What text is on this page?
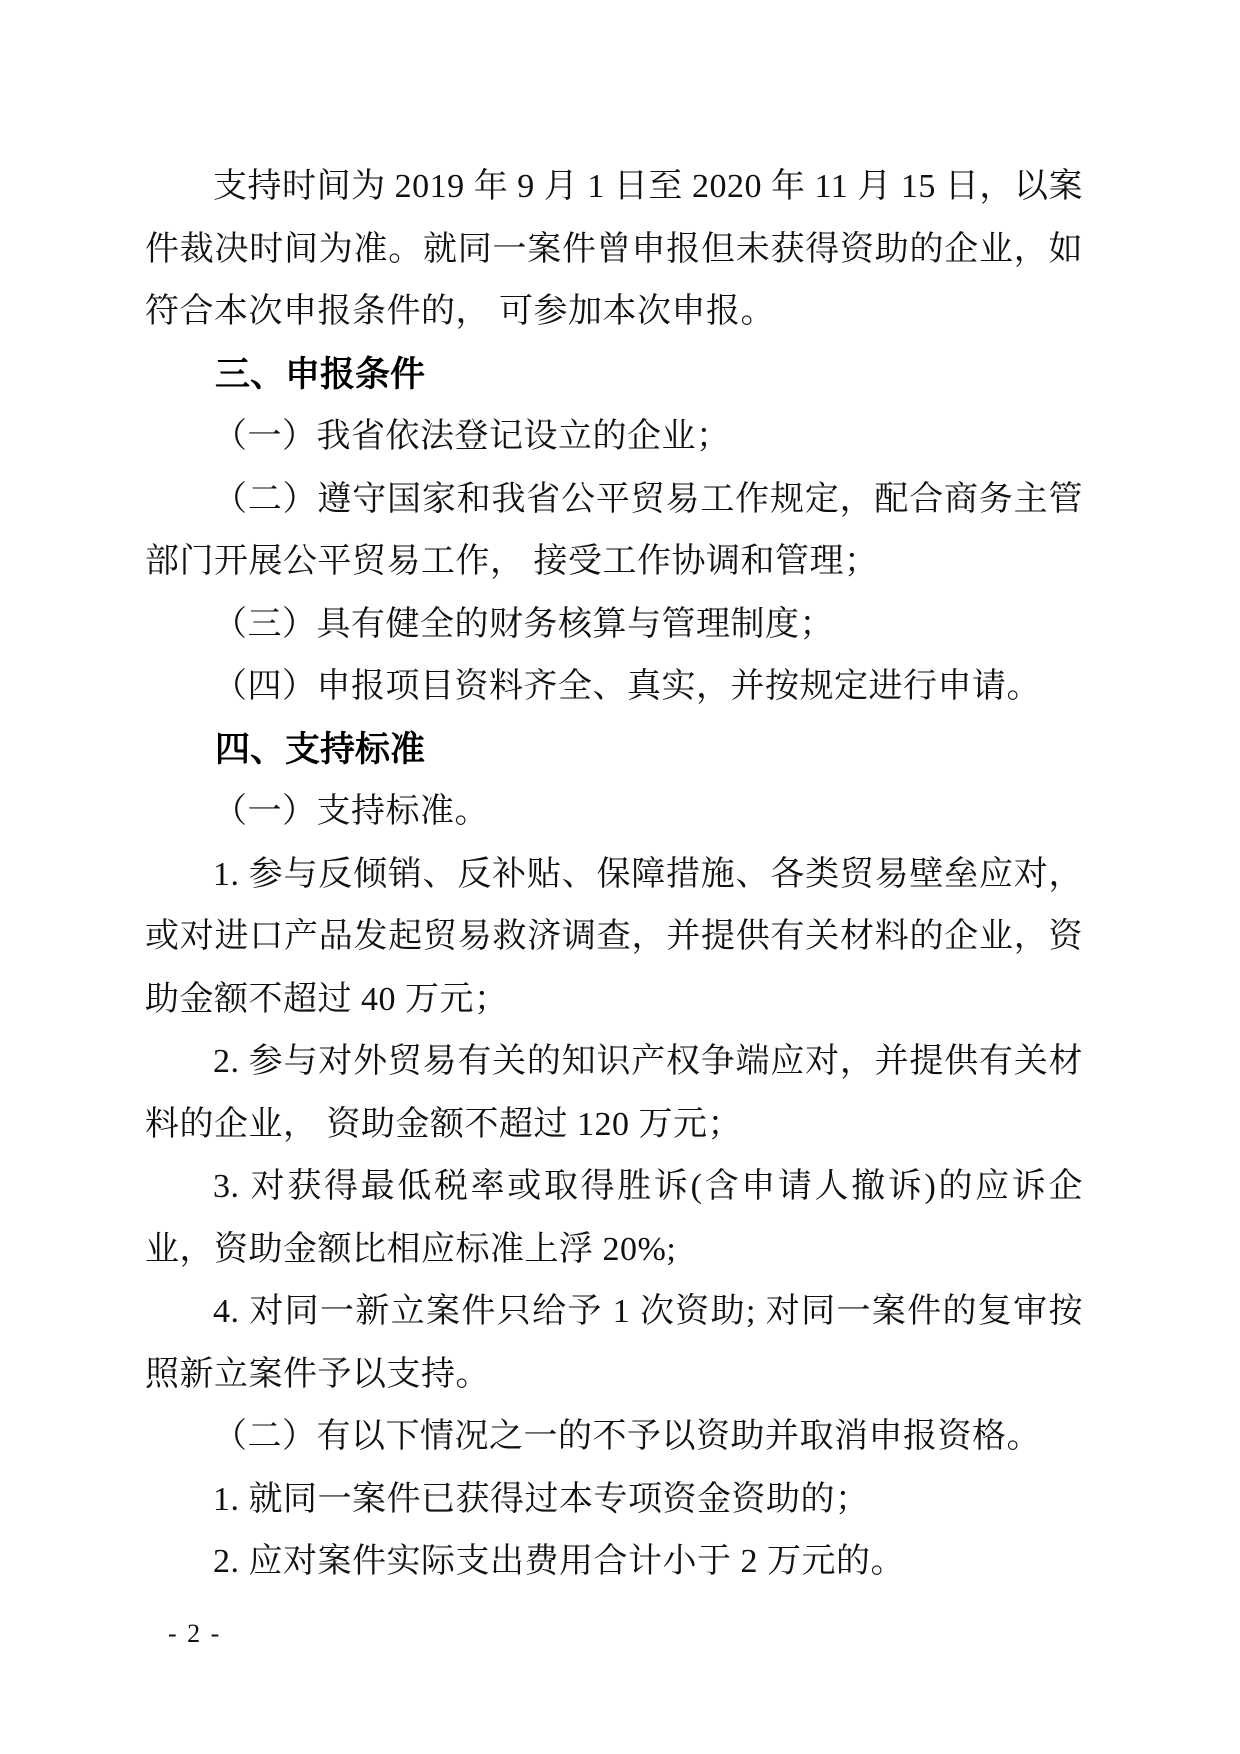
支持时间为 2019 年 9 月 1 日至 2020 年 11 月 15 日，以案件裁决时间为准。就同一案件曾申报但未获得资助的企业，如符合本次申报条件的， 可参加本次申报。

三、申报条件

（一）我省依法登记设立的企业；

（二）遵守国家和我省公平贸易工作规定，配合商务主管部门开展公平贸易工作， 接受工作协调和管理；

（三）具有健全的财务核算与管理制度；

（四）申报项目资料齐全、真实，并按规定进行申请。

四、支持标准

（一）支持标准。

1. 参与反倾销、反补贴、保障措施、各类贸易壁垒应对，或对进口产品发起贸易救济调查，并提供有关材料的企业，资助金额不超过 40 万元；

2. 参与对外贸易有关的知识产权争端应对，并提供有关材料的企业， 资助金额不超过 120 万元；

3. 对获得最低税率或取得胜诉(含申请人撤诉)的应诉企业，资助金额比相应标准上浮 20%;

4. 对同一新立案件只给予 1 次资助; 对同一案件的复审按照新立案件予以支持。

（二）有以下情况之一的不予以资助并取消申报资格。

1. 就同一案件已获得过本专项资金资助的；

2. 应对案件实际支出费用合计小于 2 万元的。

- 2 -
